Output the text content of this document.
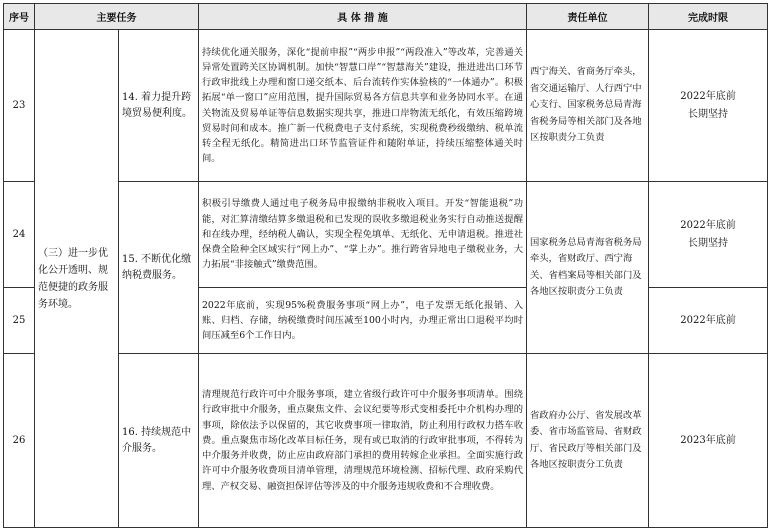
序号	主要任务		具 体 措 施	责任单位	完成时限
23	（三）进一步优化公开透明、规范便捷的政务服务环境。	14. 着力提升跨境贸易便利度。	持续优化通关服务，深化“提前申报”“两步申报”“两段准入”等改革，完善通关异常处置跨关区协调机制。加快“智慧口岸”“智慧海关”建设，推进进出口环节行政审批线上办理和窗口递交纸本、后台流转作实体验核的“一体通办”。积极拓展“单一窗口”应用范围，提升国际贸易各方信息共享和业务协同水平。在通关物流及贸易单证等信息数据实现共享，推进口岸物流无纸化，有效压缩跨境贸易时间和成本。推广新一代税费电子支付系统，实现税费秒级缴纳、税单流转全程无纸化。精简进出口环节监管证件和随附单证，持续压缩整体通关时间。	西宁海关、省商务厅牵头，省交通运输厅、人行西宁中心支行、国家税务总局青海省税务局等相关部门及各地区按职责分工负责	2022年底前
长期坚持

24		15. 不断优化缴纳税费服务。	积极引导缴费人通过电子税务局申报缴纳非税收入项目。开发“智能退税”功能，对汇算清缴结算多缴退税和已发现的误收多缴退税业务实行自动推送提醒和在线办理，经纳税人确认，实现全程免填单、无纸化、无申请退税。推进社保费全险种全区域实行“网上办”、“掌上办”。推行跨省异地电子缴税业务，大力拓展“非接触式”缴费范围。	国家税务总局青海省税务局牵头，省财政厅、西宁海关、省档案局等相关部门及各地区按职责分工负责	2022年底前
长期坚持

25			2022年底前，实现95%税费服务事项“网上办”，电子发票无纸化报销、入账、归档、存储，纳税缴费时间压减至100小时内，办理正常出口退税平均时间压减至6个工作日内。		2022年底前

26		16. 持续规范中介服务。	清理规范行政许可中介服务事项，建立省级行政许可中介服务事项清单。围绕行政审批中介服务，重点聚焦文件、会议纪要等形式变相委托中介机构办理的事项，除依法予以保留的，其它收费事项一律取消，防止利用行政权力搭车收费。重点聚焦市场化改革目标任务，现有或已取消的行政审批事项，不得转为中介服务并收费，防止应由政府部门承担的费用转嫁企业承担。全面实施行政许可中介服务收费项目清单管理，清理规范环境检测、招标代理、政府采购代理、产权交易、融资担保评估等涉及的中介服务违规收费和不合理收费。	省政府办公厅、省发展改革委、省市场监管局、省财政厅、省民政厅等相关部门及各地区按职责分工负责	2023年底前
